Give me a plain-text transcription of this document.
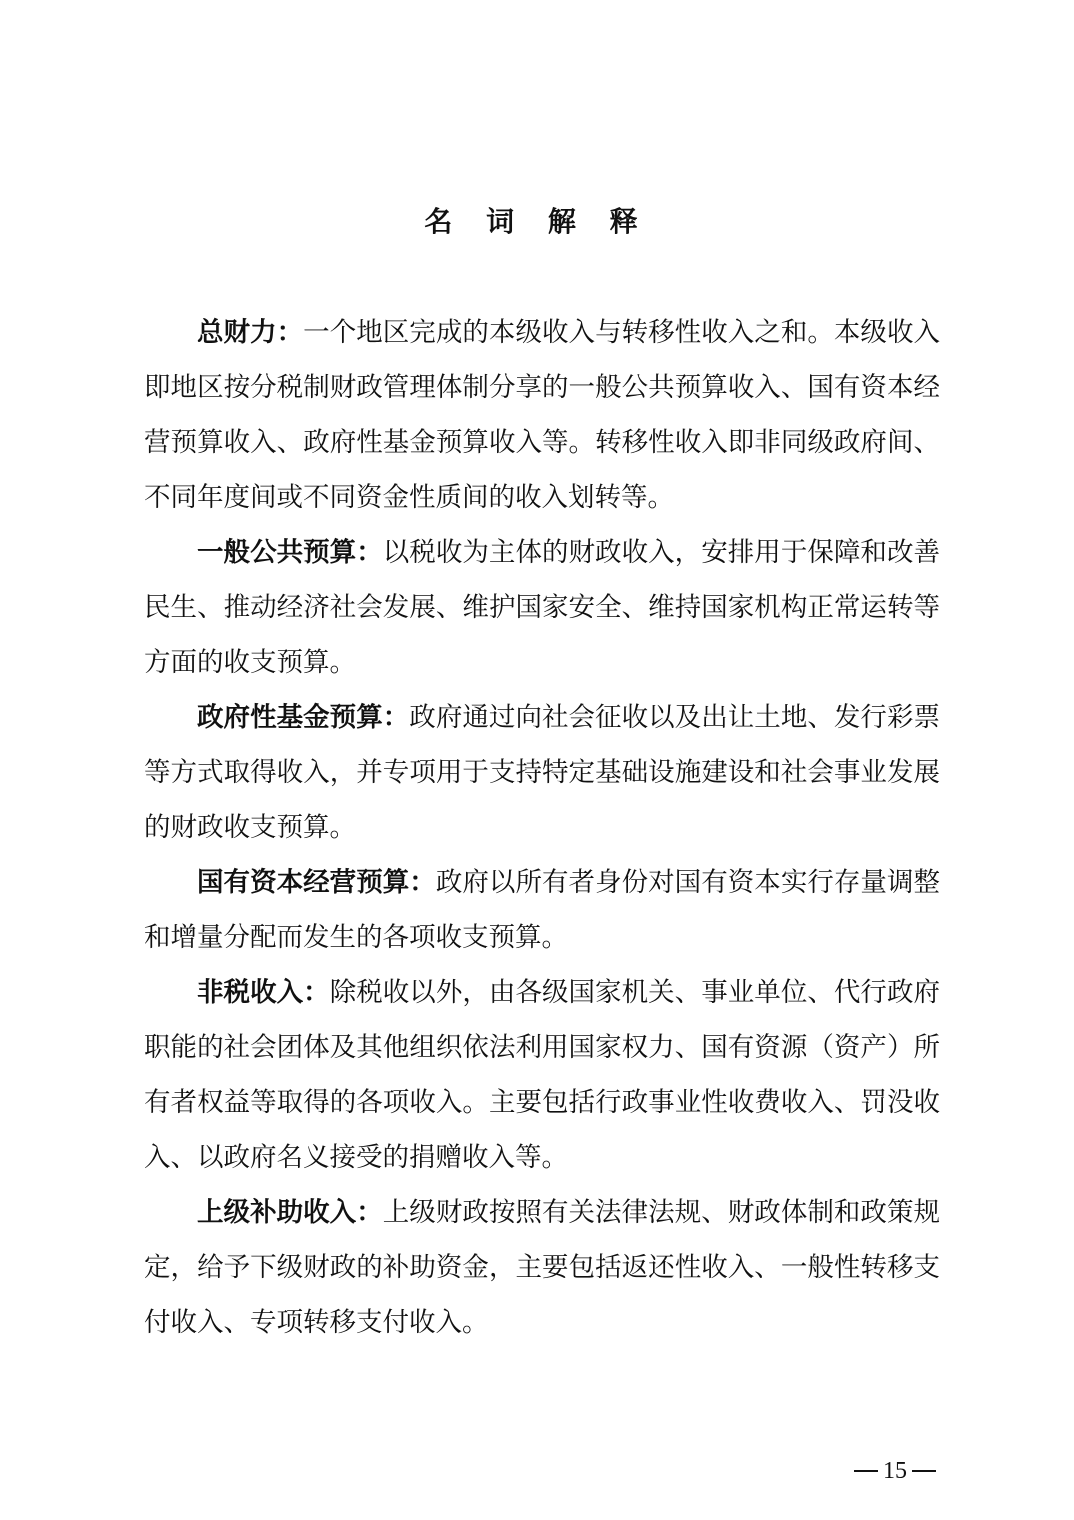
名 词 解 释

总财力：一个地区完成的本级收入与转移性收入之和。本级收入即地区按分税制财政管理体制分享的一般公共预算收入、国有资本经营预算收入、政府性基金预算收入等。转移性收入即非同级政府间、不同年度间或不同资金性质间的收入划转等。

一般公共预算：以税收为主体的财政收入，安排用于保障和改善民生、推动经济社会发展、维护国家安全、维持国家机构正常运转等方面的收支预算。

政府性基金预算：政府通过向社会征收以及出让土地、发行彩票等方式取得收入，并专项用于支持特定基础设施建设和社会事业发展的财政收支预算。

国有资本经营预算：政府以所有者身份对国有资本实行存量调整和增量分配而发生的各项收支预算。

非税收入：除税收以外，由各级国家机关、事业单位、代行政府职能的社会团体及其他组织依法利用国家权力、国有资源（资产）所有者权益等取得的各项收入。主要包括行政事业性收费收入、罚没收入、以政府名义接受的捐赠收入等。

上级补助收入：上级财政按照有关法律法规、财政体制和政策规定，给予下级财政的补助资金，主要包括返还性收入、一般性转移支付收入、专项转移支付收入。

15
